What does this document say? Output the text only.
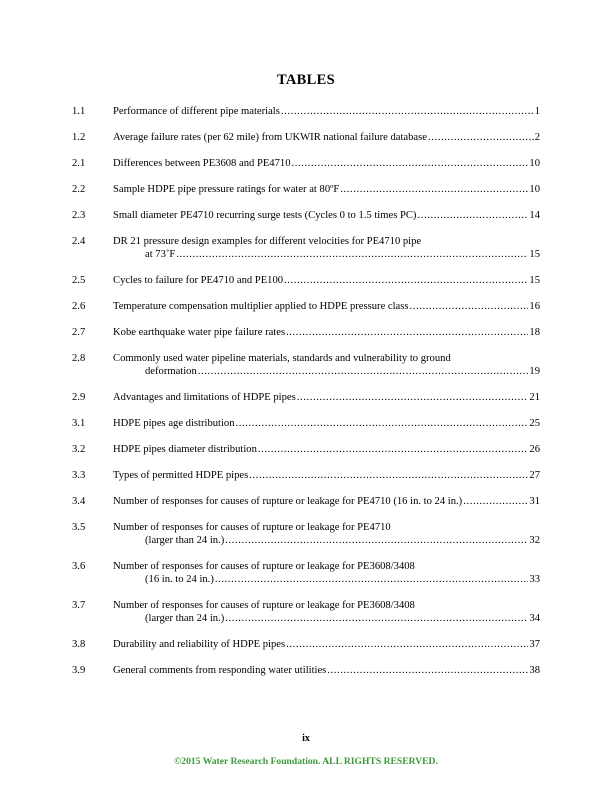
TABLES
1.1	Performance of different pipe materials .....	1
1.2	Average failure rates (per 62 mile) from UKWIR national failure database .....	2
2.1	Differences between PE3608 and PE4710 .....	10
2.2	Sample HDPE pipe pressure ratings for water at 80ºF .....	10
2.3	Small diameter PE4710 recurring surge tests (Cycles 0 to 1.5 times PC) .....	14
2.4	DR 21 pressure design examples for different velocities for PE4710 pipe
at 73˚F .....	15
2.5	Cycles to failure for PE4710 and PE100 .....	15
2.6	Temperature compensation multiplier applied to HDPE pressure class .....	16
2.7	Kobe earthquake water pipe failure rates .....	18
2.8	Commonly used water pipeline materials, standards and vulnerability to ground
deformation .....	19
2.9	Advantages and limitations of HDPE pipes .....	21
3.1	HDPE pipes age distribution .....	25
3.2	HDPE pipes diameter distribution .....	26
3.3	Types of permitted HDPE pipes .....	27
3.4	Number of responses for causes of rupture or leakage for PE4710 (16 in. to 24 in.) .....	31
3.5	Number of responses for causes of rupture or leakage for PE4710
(larger than 24 in.) .....	32
3.6	Number of responses for causes of rupture or leakage for PE3608/3408
(16 in. to 24 in.) .....	33
3.7	Number of responses for causes of rupture or leakage for PE3608/3408
(larger than 24 in.) .....	34
3.8	Durability and reliability of HDPE pipes .....	37
3.9	General comments from responding water utilities .....	38
ix
©2015 Water Research Foundation. ALL RIGHTS RESERVED.
